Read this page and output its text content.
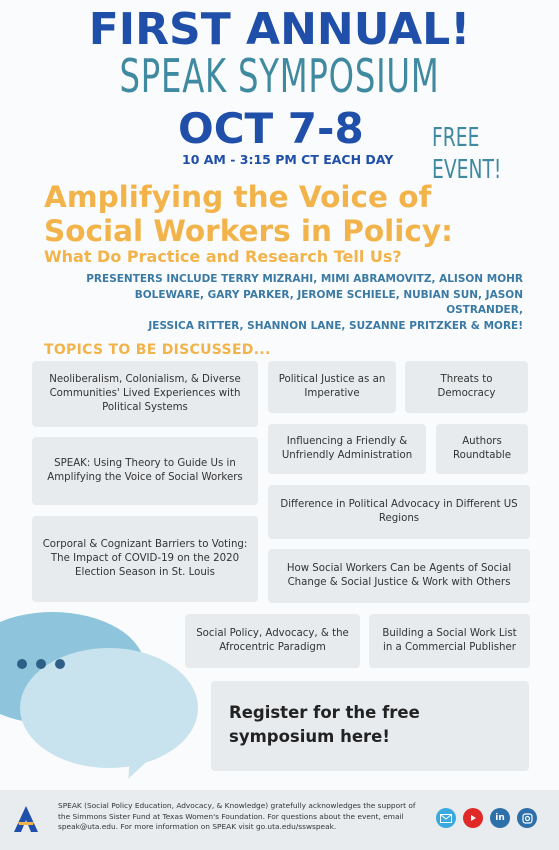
FIRST ANNUAL!
SPEAK SYMPOSIUM
OCT 7-8	FREE EVENT!
10 AM - 3:15 PM CT EACH DAY
Amplifying the Voice of
Social Workers in Policy:
What Do Practice and Research Tell Us?
PRESENTERS INCLUDE TERRY MIZRAHI, MIMI ABRAMOVITZ, ALISON MOHR
BOLEWARE, GARY PARKER, JEROME SCHIELE, NUBIAN SUN, JASON OSTRANDER,
JESSICA RITTER, SHANNON LANE, SUZANNE PRITZKER & MORE!
TOPICS TO BE DISCUSSED...
Neoliberalism, Colonialism, & Diverse Communities' Lived Experiences with Political Systems
Political Justice as an Imperative
Threats to Democracy
SPEAK: Using Theory to Guide Us in Amplifying the Voice of Social Workers
Influencing a Friendly & Unfriendly Administration
Authors Roundtable
Difference in Political Advocacy in Different US Regions
Corporal & Cognizant Barriers to Voting: The Impact of COVID-19 on the 2020 Election Season in St. Louis	How Social Workers Can be Agents of Social Change & Social Justice & Work with Others
Social Policy, Advocacy, & the Afrocentric Paradigm
Building a Social Work List in a Commercial Publisher
Register for the free symposium here!
SPEAK (Social Policy Education, Advocacy, & Knowledge) gratefully acknowledges the support of the Simmons Sister Fund at Texas Women's Foundation. For questions about the event, email speak@uta.edu. For more information on SPEAK visit go.uta.edu/sswspeak.
in
